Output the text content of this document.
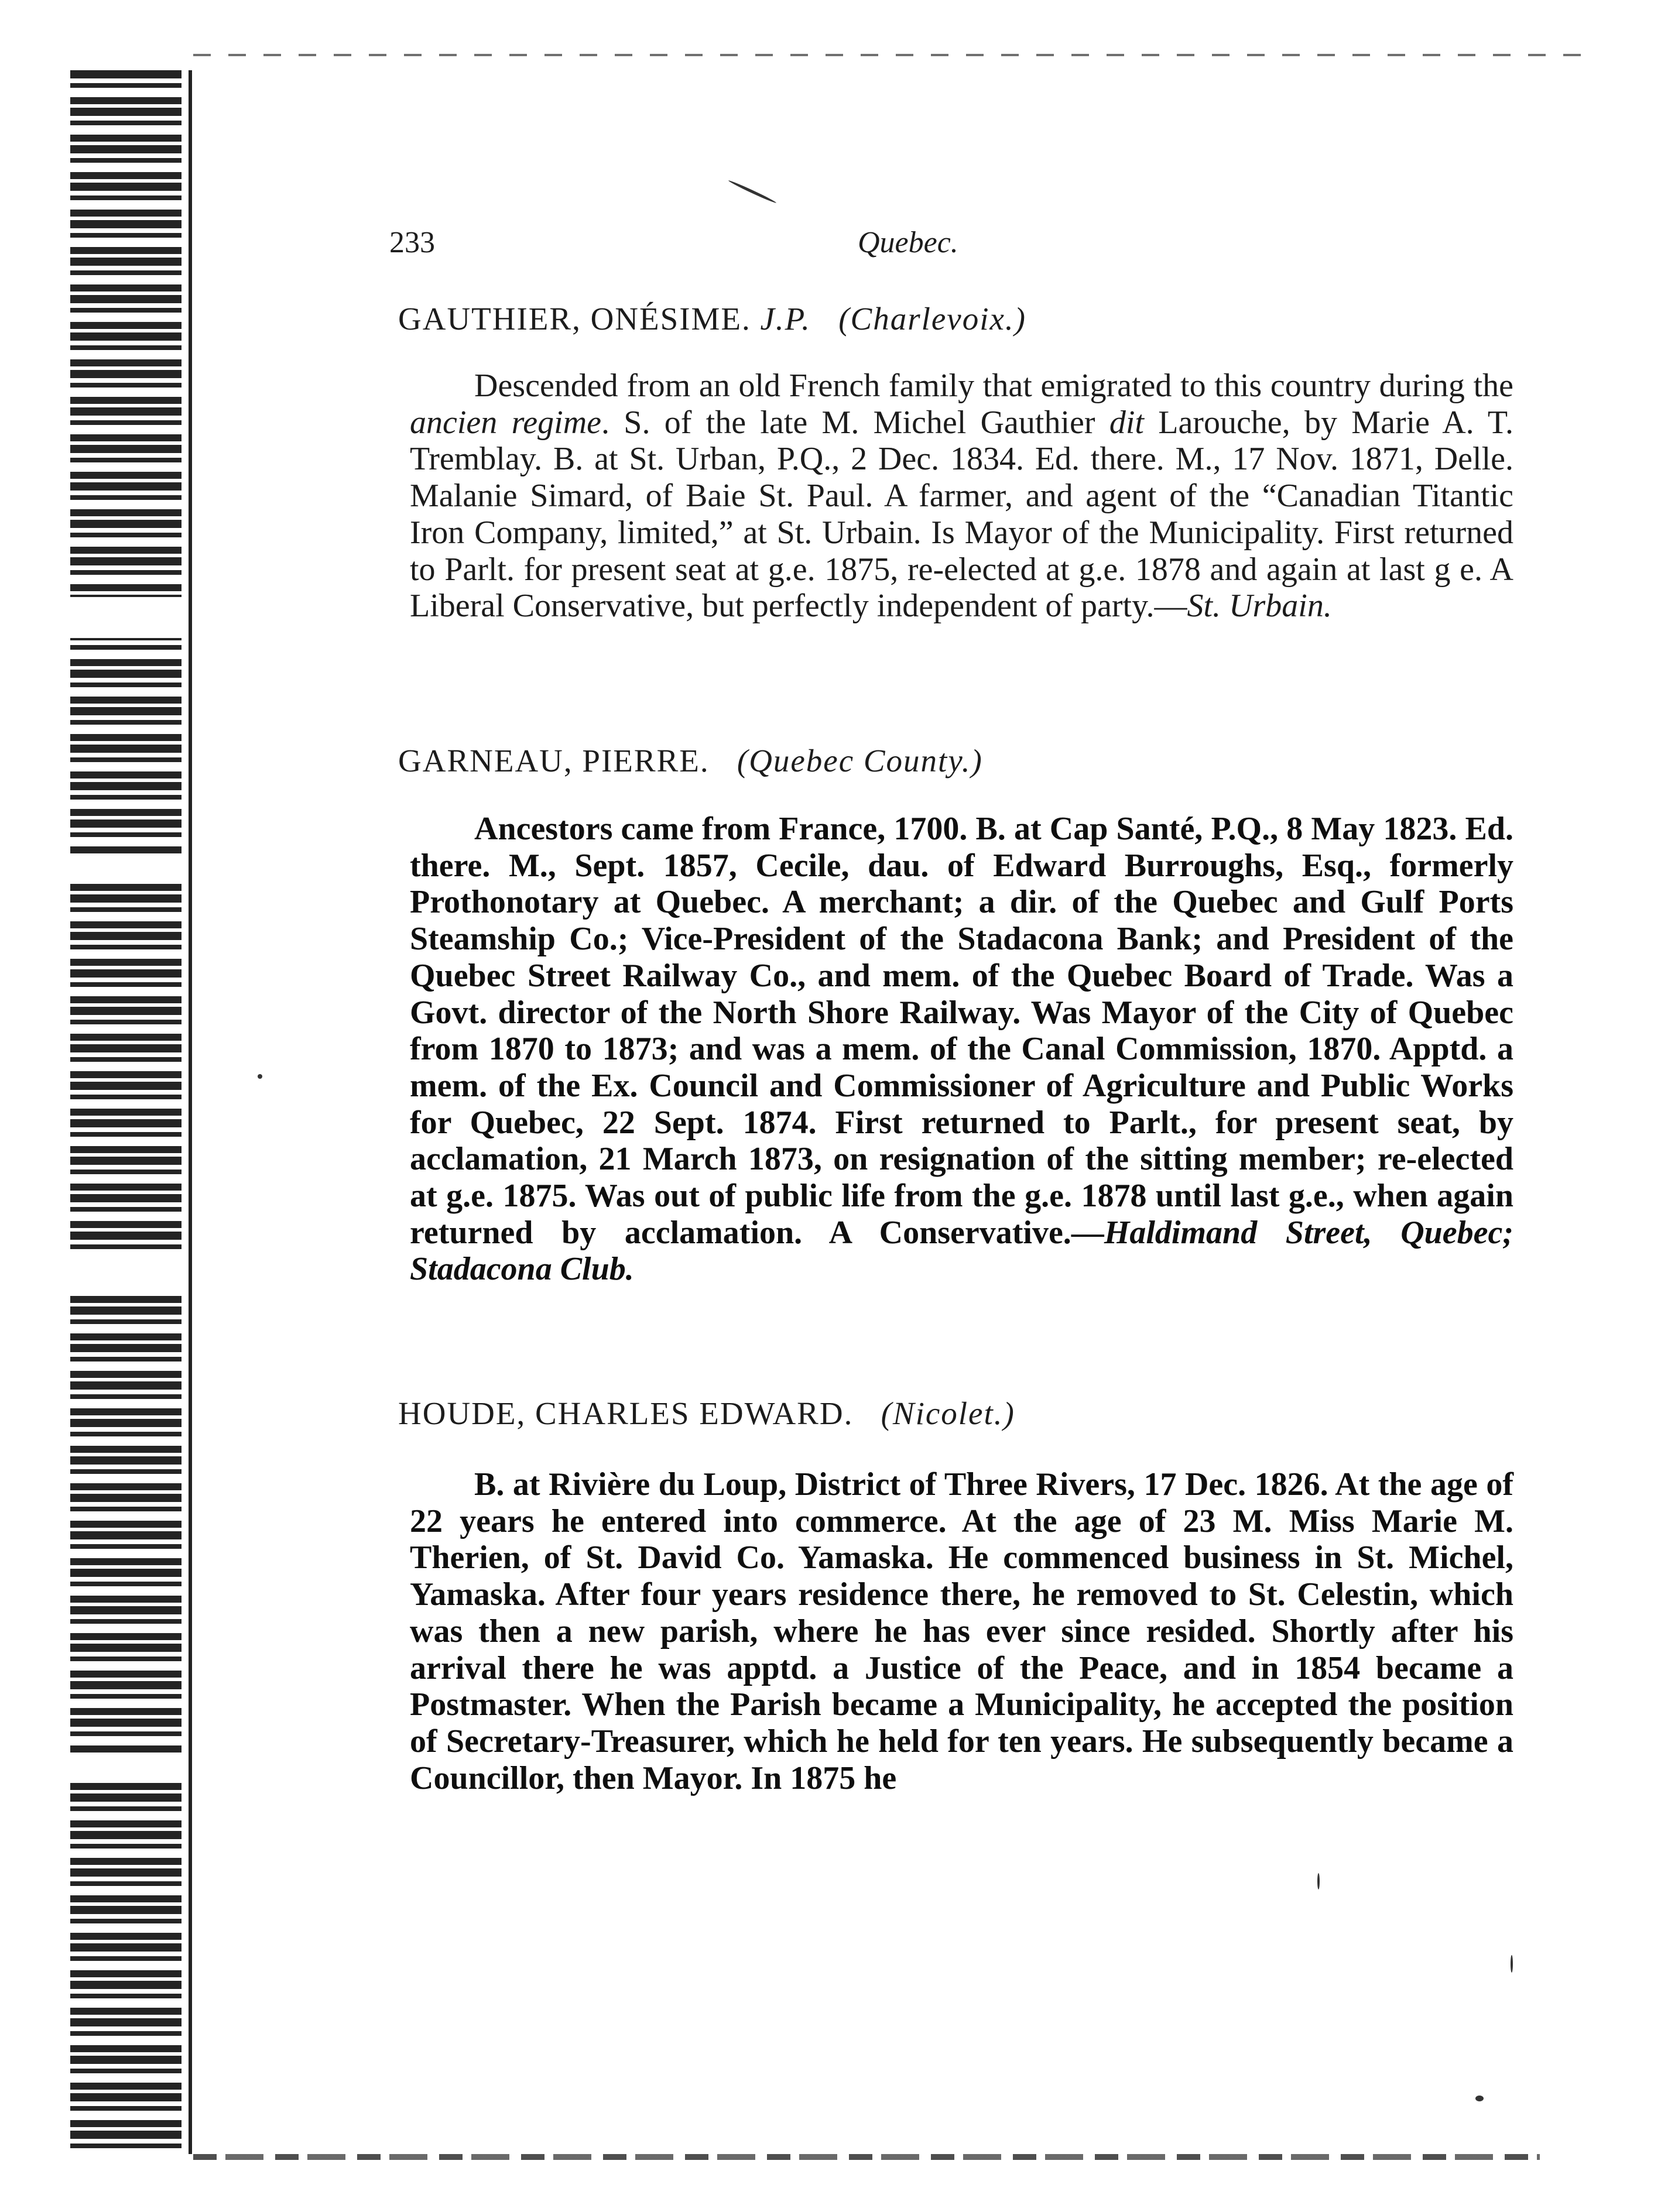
233	Quebec.
GAUTHIER, ONÉSIME. J.P. (Charlevoix.)
Descended from an old French family that emigrated to this country during the ancien regime. S. of the late M. Michel Gauthier dit Larouche, by Marie A. T. Tremblay. B. at St. Urban, P.Q., 2 Dec. 1834. Ed. there. M., 17 Nov. 1871, Delle. Malanie Simard, of Baie St. Paul. A farmer, and agent of the “Canadian Titantic Iron Company, limited,” at St. Urbain. Is Mayor of the Municipality. First returned to Parlt. for present seat at g.e. 1875, re-elected at g.e. 1878 and again at last g e. A Liberal Conservative, but perfectly independent of party.—St. Urbain.
GARNEAU, PIERRE. (Quebec County.)
Ancestors came from France, 1700. B. at Cap Santé, P.Q., 8 May 1823. Ed. there. M., Sept. 1857, Cecile, dau. of Edward Burroughs, Esq., formerly Prothonotary at Quebec. A merchant; a dir. of the Quebec and Gulf Ports Steamship Co.; Vice-President of the Stadacona Bank; and President of the Quebec Street Railway Co., and mem. of the Quebec Board of Trade. Was a Govt. director of the North Shore Railway. Was Mayor of the City of Quebec from 1870 to 1873; and was a mem. of the Canal Commission, 1870. Apptd. a mem. of the Ex. Council and Commissioner of Agriculture and Public Works for Quebec, 22 Sept. 1874. First returned to Parlt., for present seat, by acclamation, 21 March 1873, on resignation of the sitting member; re-elected at g.e. 1875. Was out of public life from the g.e. 1878 until last g.e., when again returned by acclamation. A Conservative.—Haldimand Street, Quebec; Stadacona Club.
HOUDE, CHARLES EDWARD. (Nicolet.)
B. at Rivière du Loup, District of Three Rivers, 17 Dec. 1826. At the age of 22 years he entered into commerce. At the age of 23 M. Miss Marie M. Therien, of St. David Co. Yamaska. He commenced business in St. Michel, Yamaska. After four years residence there, he removed to St. Celestin, which was then a new parish, where he has ever since resided. Shortly after his arrival there he was apptd. a Justice of the Peace, and in 1854 became a Postmaster. When the Parish became a Municipality, he accepted the position of Secretary-Treasurer, which he held for ten years. He subsequently became a Councillor, then Mayor. In 1875 he
